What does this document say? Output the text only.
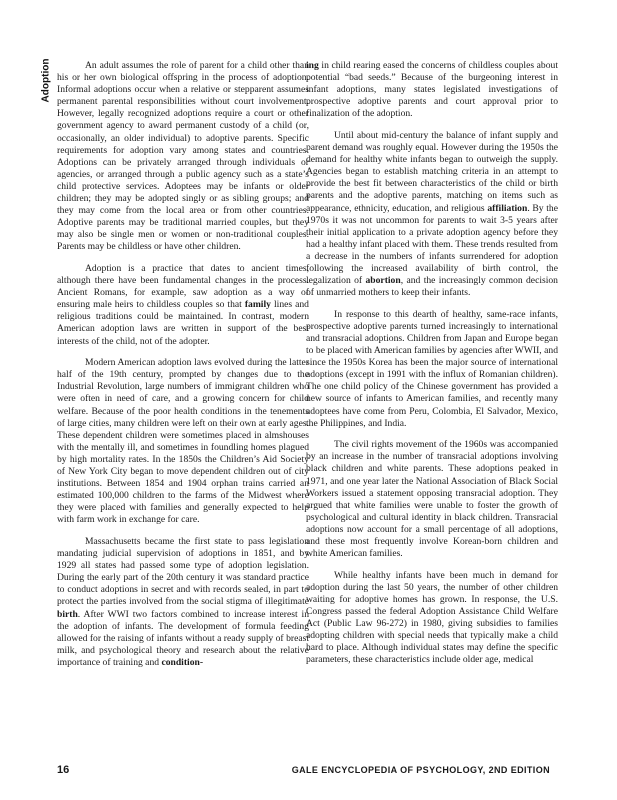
Adoption	An adult assumes the role of parent for a child other than his or her own biological offspring in the process of adoption. Informal adoptions occur when a relative or stepparent assumes permanent parental responsibilities without court involvement. However, legally recognized adoptions require a court or other government agency to award permanent custody of a child (or, occasionally, an older individual) to adoptive parents. Specific requirements for adoption vary among states and countries. Adoptions can be privately arranged through individuals or agencies, or arranged through a public agency such as a state’s child protective services. Adoptees may be infants or older children; they may be adopted singly or as sibling groups; and they may come from the local area or from other countries. Adoptive parents may be traditional married couples, but they may also be single men or women or non-traditional couples. Parents may be childless or have other children.

Adoption is a practice that dates to ancient times, although there have been fundamental changes in the process. Ancient Romans, for example, saw adoption as a way of ensuring male heirs to childless couples so that family lines and religious traditions could be maintained. In contrast, modern American adoption laws are written in support of the best interests of the child, not of the adopter.

Modern American adoption laws evolved during the latter half of the 19th century, prompted by changes due to the Industrial Revolution, large numbers of immigrant children who were often in need of care, and a growing concern for child welfare. Because of the poor health conditions in the tenements of large cities, many children were left on their own at early ages. These dependent children were sometimes placed in almshouses with the mentally ill, and sometimes in foundling homes plagued by high mortality rates. In the 1850s the Children’s Aid Society of New York City began to move dependent children out of city institutions. Between 1854 and 1904 orphan trains carried an estimated 100,000 children to the farms of the Midwest where they were placed with families and generally expected to help with farm work in exchange for care.

Massachusetts became the first state to pass legislation mandating judicial supervision of adoptions in 1851, and by 1929 all states had passed some type of adoption legislation. During the early part of the 20th century it was standard practice to conduct adoptions in secret and with records sealed, in part to protect the parties involved from the social stigma of illegitimate birth. After WWI two factors combined to increase interest in the adoption of infants. The development of formula feeding allowed for the raising of infants without a ready supply of breast milk, and psychological theory and research about the relative importance of training and condition-

ing in child rearing eased the concerns of childless couples about potential “bad seeds.” Because of the burgeoning interest in infant adoptions, many states legislated investigations of prospective adoptive parents and court approval prior to finalization of the adoption.

Until about mid-century the balance of infant supply and parent demand was roughly equal. However during the 1950s the demand for healthy white infants began to outweigh the supply. Agencies began to establish matching criteria in an attempt to provide the best fit between characteristics of the child or birth parents and the adoptive parents, matching on items such as appearance, ethnicity, education, and religious affiliation. By the 1970s it was not uncommon for parents to wait 3-5 years after their initial application to a private adoption agency before they had a healthy infant placed with them. These trends resulted from a decrease in the numbers of infants surrendered for adoption following the increased availability of birth control, the legalization of abortion, and the increasingly common decision of unmarried mothers to keep their infants.

In response to this dearth of healthy, same-race infants, prospective adoptive parents turned increasingly to international and transracial adoptions. Children from Japan and Europe began to be placed with American families by agencies after WWII, and since the 1950s Korea has been the major source of international adoptions (except in 1991 with the influx of Romanian children). The one child policy of the Chinese government has provided a new source of infants to American families, and recently many adoptees have come from Peru, Colombia, El Salvador, Mexico, the Philippines, and India.

The civil rights movement of the 1960s was accompanied by an increase in the number of transracial adoptions involving black children and white parents. These adoptions peaked in 1971, and one year later the National Association of Black Social Workers issued a statement opposing transracial adoption. They argued that white families were unable to foster the growth of psychological and cultural identity in black children. Transracial adoptions now account for a small percentage of all adoptions, and these most frequently involve Korean-born children and white American families.

While healthy infants have been much in demand for adoption during the last 50 years, the number of other children waiting for adoptive homes has grown. In response, the U.S. Congress passed the federal Adoption Assistance Child Welfare Act (Public Law 96-272) in 1980, giving subsidies to families adopting children with special needs that typically make a child hard to place. Although individual states may define the specific parameters, these characteristics include older age, medical

16	GALE ENCYCLOPEDIA OF PSYCHOLOGY, 2ND EDITION
